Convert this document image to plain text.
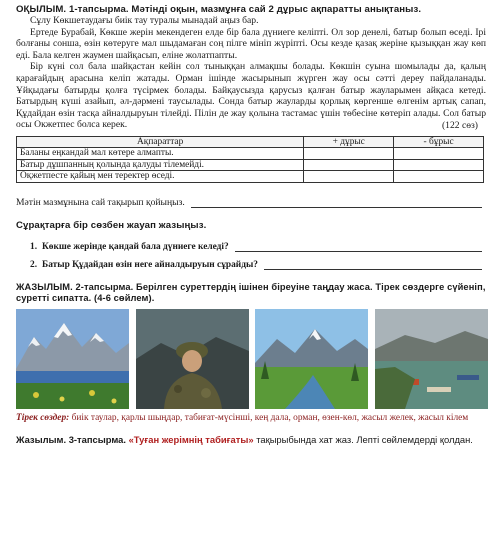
ОҚЫЛЫМ. 1-тапсырма. Мәтінді оқын, мазмұнға сай 2 дұрыс ақпаратты анықтаныз.
Сұлу Көкшетаудағы биік тау туралы мынадай аңыз бар.
Ертеде Бурабай, Көкше жерін мекендеген елде бір бала дүниеге келіпті. Ол зор денелі, батыр болып өседі. Ірі болғаны сонша, өзін көтеруге мал шыдамаған соң пілге мініп жүріпті. Осы кезде қазақ жеріне қызыққан жау көп еді. Бала келген жаумен шайқасып, еліне жолатпапты.
Бір күні сол бала шайқастан кейін сол тыныққан алмақшы болады. Көкшін суына шомылады да, қалың қарағайдың арасына келіп жатады. Орман ішінде жасырынып жүрген жау осы сәтті дереу пайдаланады. Ұйқыдағы батырды қолға түсірмек болады. Байқаусызда қарусыз қалған батыр жауларымен айқаса кетеді. Батырдың күші азайып, әл-дәрмені таусылады. Сонда батыр жауларды қорлық көргенше өлгенім артық сапап, Құдайдан өзін тасқа айналдыруын тілейді. Пілін де жау қолына тастамас үшін төбесіне көтеріп алады. Сол батыр осы Окжетпес болса керек.	(122 сөз)
Ақпараттар	+ дұрыс	- бұрыс
Баланы еңкандай мал көтере алмапты.		
Батыр дұшпанның қолында қалуды тілемейді.		
Оқжетпесте қайың мен теректер өседі.		
Мәтін мазмұнына сай тақырып қойыңыз.
Сұрақтарға бір сөзбен жауап жазыңыз.
1. Көкше жерінде қандай бала дүниеге келеді?
2. Батыр Құдайдан өзін неге айналдыруын сұрайды?
ЖАЗЫЛЫМ. 2-тапсырма. Берілген суреттердің ішінен біреуіне таңдау жаса. Тірек сөздерге сүйеніп, суретті сипатта. (4-6 сөйлем).
Тірек сөздер: биік таулар, қарлы шыңдар, табиғат-мүсінші, кең дала, орман, өзен-көл, жасыл желек, жасыл кілем
Жазылым. 3-тапсырма. «Туған жерімнің табиғаты» тақырыбында хат жаз. Лепті сөйлемдерді қолдан.
